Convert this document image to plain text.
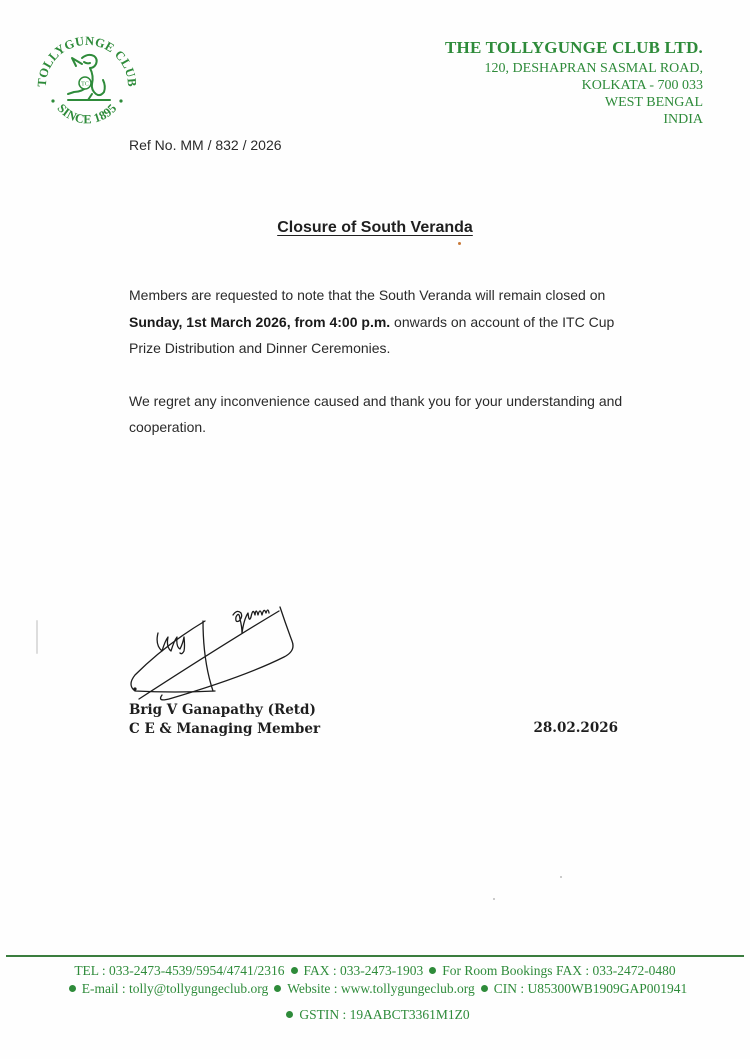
TOLLYGUNGE CLUB
SINCE 1895
TC
THE TOLLYGUNGE CLUB LTD.
120, DESHAPRAN SASMAL ROAD,
KOLKATA - 700 033
WEST BENGAL
INDIA
Ref No. MM / 832 / 2026
Closure of South Veranda

Members are requested to note that the South Veranda will remain closed on Sunday, 1st March 2026, from 4:00 p.m. onwards on account of the ITC Cup Prize Distribution and Dinner Ceremonies.

We regret any inconvenience caused and thank you for your understanding and cooperation.

Brig V Ganapathy (Retd)
C E & Managing Member	28.02.2026
TEL : 033-2473-4539/5954/4741/2316 FAX : 033-2473-1903 For Room Bookings FAX : 033-2472-0480
E-mail : tolly@tollygungeclub.org Website : www.tollygungeclub.org CIN : U85300WB1909GAP001941
GSTIN : 19AABCT3361M1Z0
